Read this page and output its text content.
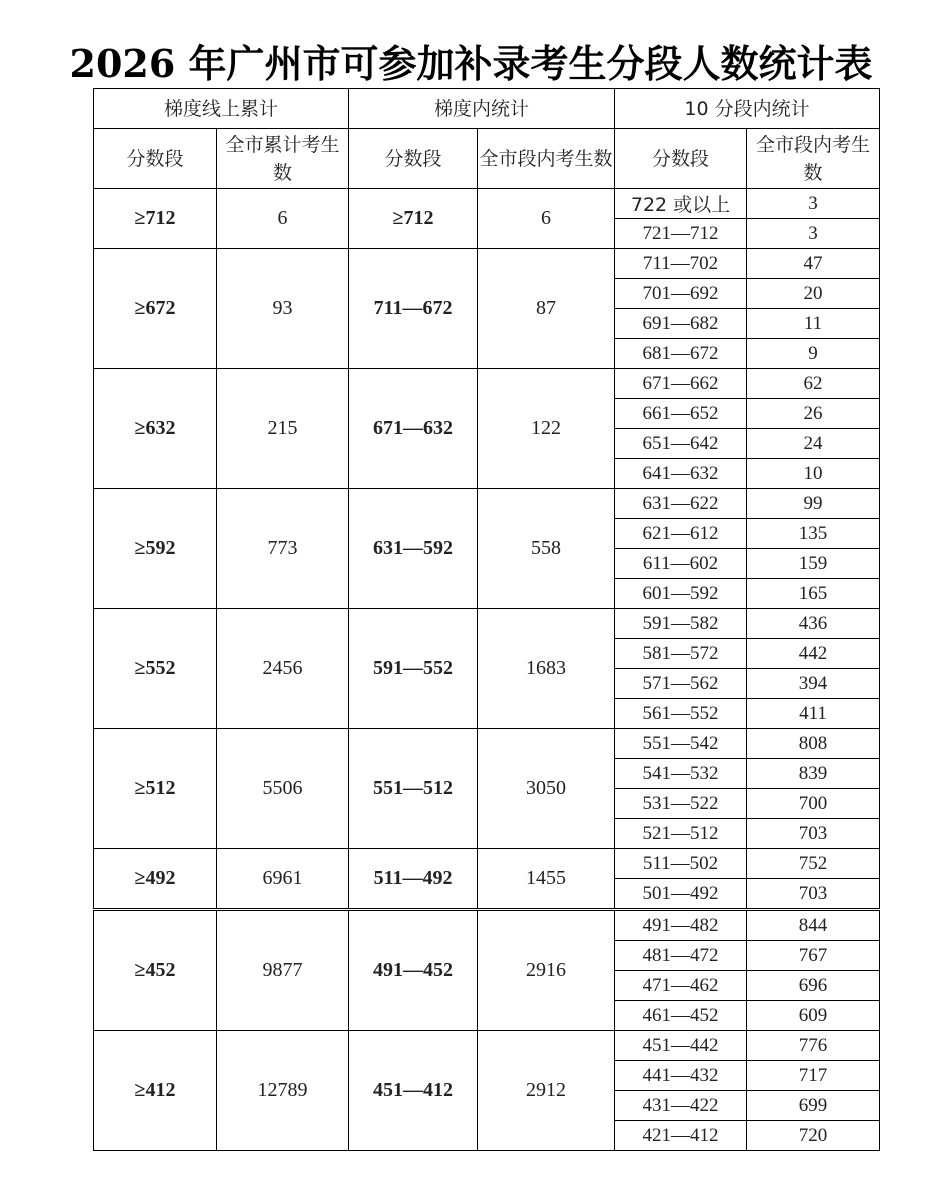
2026 年广州市可参加补录考生分段人数统计表
梯度线上累计		梯度内统计		10 分段内统计	
分数段	全市累计考生数	分数段	全市段内考生数	分数段	全市段内考生数
≥712	6	≥712	6	722 或以上	3
				721—712	3
≥672	93	711—672	87	711—702	47
				701—692	20
				691—682	11
				681—672	9
≥632	215	671—632	122	671—662	62
				661—652	26
				651—642	24
				641—632	10
≥592	773	631—592	558	631—622	99
				621—612	135
				611—602	159
				601—592	165
≥552	2456	591—552	1683	591—582	436
				581—572	442
				571—562	394
				561—552	411
≥512	5506	551—512	3050	551—542	808
				541—532	839
				531—522	700
				521—512	703
≥492	6961	511—492	1455	511—502	752
				501—492	703
≥452	9877	491—452	2916	491—482	844
				481—472	767
				471—462	696
				461—452	609
≥412	12789	451—412	2912	451—442	776
				441—432	717
				431—422	699
				421—412	720
